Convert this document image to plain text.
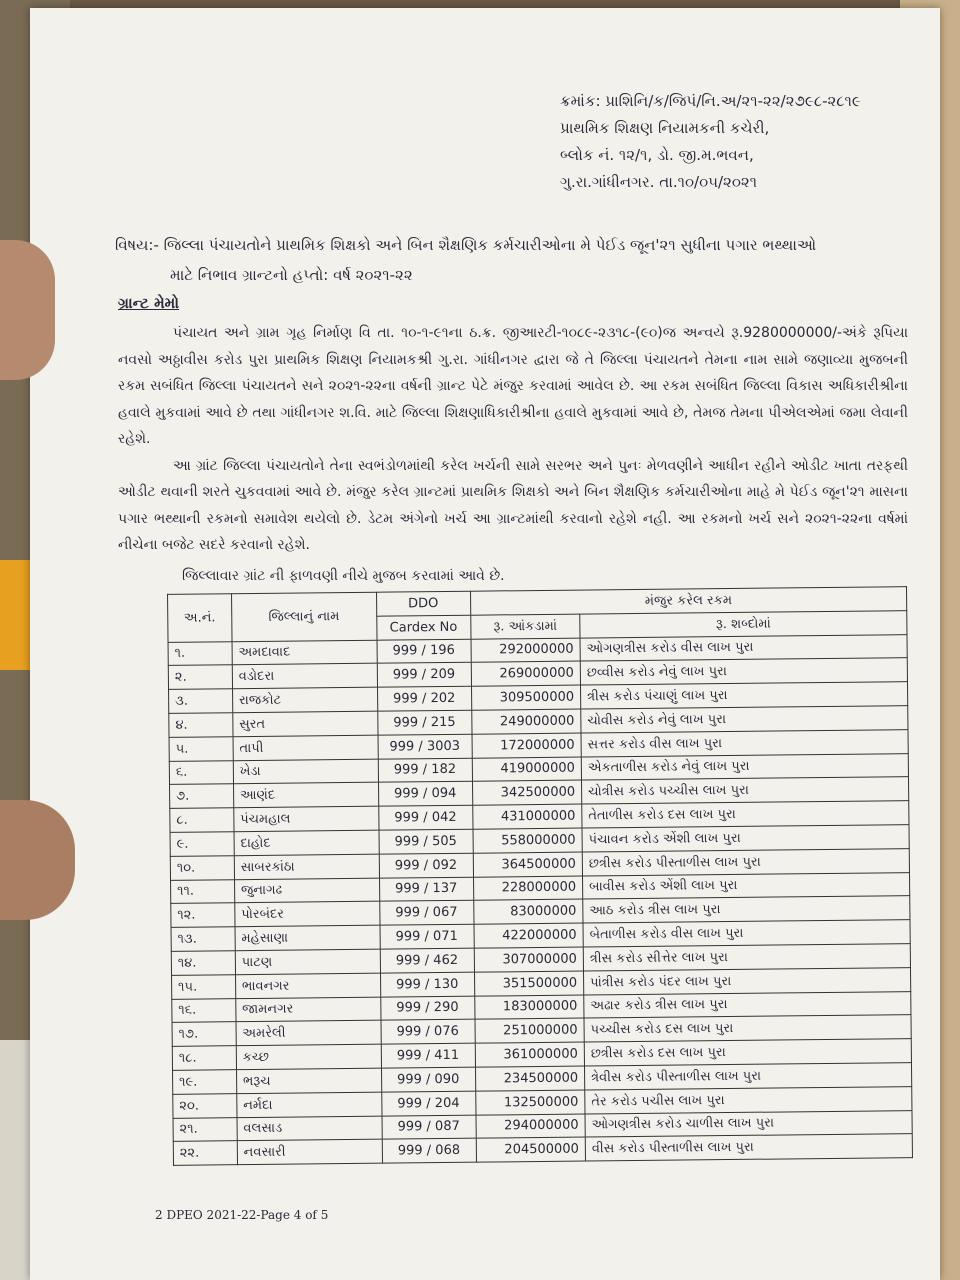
ક્રમાંક: પ્રાશિનિ/ક/જિપં/નિ.અ/૨૧-૨૨/૨૭૯૮-૨૮૧૯
પ્રાથમિક શિક્ષણ નિયામકની કચેરી,
બ્લોક નં. ૧૨/૧, ડો. જી.મ.ભવન,
ગુ.રા.ગાંધીનગર. તા.૧૦/૦૫/૨૦૨૧
વિષય:- જિલ્લા પંચાયતોને પ્રાથમિક શિક્ષકો અને બિન શૈક્ષણિક કર્મચારીઓના મે પેઈડ જૂન'૨૧ સુધીના પગાર ભથ્થાઓ
માટે નિભાવ ગ્રાન્ટનો હપ્તો: વર્ષ ૨૦૨૧-૨૨
ગ્રાન્ટ મેમો

પંચાયત અને ગ્રામ ગૃહ નિર્માણ વિ તા. ૧૦-૧-૯૧ના ઠ.ક્ર. જીઆરટી-૧૦૮૯-૨૩૧૮-(૯૦)જ અન્વયે રૂ.9280000000/-અંકે રૂપિયા નવસો અઠ્ઠાવીસ કરોડ પુરા પ્રાથમિક શિક્ષણ નિયામકશ્રી ગુ.રા. ગાંધીનગર દ્વારા જે તે જિલ્લા પંચાયતને તેમના નામ સામે જણાવ્યા મુજબની રકમ સબંધિત જિલ્લા પંચાયતને સને ૨૦૨૧-૨૨ના વર્ષની ગ્રાન્ટ પેટે મંજુર કરવામાં આવેલ છે. આ રકમ સબંધિત જિલ્લા વિકાસ અધિકારીશ્રીના હવાલે મુકવામાં આવે છે તથા ગાંધીનગર શ.વિ. માટે જિલ્લા શિક્ષણાધિકારીશ્રીના હવાલે મુકવામાં આવે છે, તેમજ તેમના પીએલએમાં જમા લેવાની રહેશે.

આ ગ્રાંટ જિલ્લા પંચાયતોને તેના સ્વભંડોળમાંથી કરેલ ખર્ચની સામે સરભર અને પુનઃ મેળવણીને આધીન રહીને ઓડીટ ખાતા તરફથી ઓડીટ થવાની શરતે ચુકવવામાં આવે છે. મંજુર કરેલ ગ્રાન્ટમાં પ્રાથમિક શિક્ષકો અને બિન શૈક્ષણિક કર્મચારીઓના માહે મે પેઈડ જૂન'૨૧ માસના પગાર ભથ્થાની રકમનો સમાવેશ થયેલો છે. ડેટમ અંગેનો ખર્ચ આ ગ્રાન્ટમાંથી કરવાનો રહેશે નહી. આ રકમનો ખર્ચ સને ૨૦૨૧-૨૨ના વર્ષમાં નીચેના બજેટ સદરે કરવાનો રહેશે.

જિલ્લાવાર ગ્રાંટ ની ફાળવણી નીચે મુજબ કરવામાં આવે છે.
અ.નં.	જિલ્લાનું નામ	DDO	મંજુર કરેલ રકમ	
		Cardex No	રૂ. આંકડામાં	રૂ. શબ્દોમાં
૧.	અમદાવાદ	999 / 196	292000000	ઓગણત્રીસ કરોડ વીસ લાખ પુરા
૨.	વડોદરા	999 / 209	269000000	છવ્વીસ કરોડ નેવું લાખ પુરા
૩.	રાજકોટ	999 / 202	309500000	ત્રીસ કરોડ પંચાણું લાખ પુરા
૪.	સુરત	999 / 215	249000000	ચોવીસ કરોડ નેવું લાખ પુરા
૫.	તાપી	999 / 3003	172000000	સત્તર કરોડ વીસ લાખ પુરા
૬.	ખેડા	999 / 182	419000000	એકતાળીસ કરોડ નેવું લાખ પુરા
૭.	આણંદ	999 / 094	342500000	ચોત્રીસ કરોડ પચ્ચીસ લાખ પુરા
૮.	પંચમહાલ	999 / 042	431000000	તેતાળીસ કરોડ દસ લાખ પુરા
૯.	દાહોદ	999 / 505	558000000	પંચાવન કરોડ એંશી લાખ પુરા
૧૦.	સાબરકાંઠા	999 / 092	364500000	છત્રીસ કરોડ પીસ્તાળીસ લાખ પુરા
૧૧.	જુનાગઢ	999 / 137	228000000	બાવીસ કરોડ એંશી લાખ પુરા
૧૨.	પોરબંદર	999 / 067	83000000	આઠ કરોડ ત્રીસ લાખ પુરા
૧૩.	મહેસાણા	999 / 071	422000000	બેતાળીસ કરોડ વીસ લાખ પુરા
૧૪.	પાટણ	999 / 462	307000000	ત્રીસ કરોડ સીત્તેર લાખ પુરા
૧૫.	ભાવનગર	999 / 130	351500000	પાંત્રીસ કરોડ પંદર લાખ પુરા
૧૬.	જામનગર	999 / 290	183000000	અઢાર કરોડ ત્રીસ લાખ પુરા
૧૭.	અમરેલી	999 / 076	251000000	પચ્ચીસ કરોડ દસ લાખ પુરા
૧૮.	કચ્છ	999 / 411	361000000	છત્રીસ કરોડ દસ લાખ પુરા
૧૯.	ભરૂચ	999 / 090	234500000	ત્રેવીસ કરોડ પીસ્તાળીસ લાખ પુરા
૨૦.	નર્મદા	999 / 204	132500000	તેર કરોડ પચીસ લાખ પુરા
૨૧.	વલસાડ	999 / 087	294000000	ઓગણત્રીસ કરોડ ચાળીસ લાખ પુરા
૨૨.	નવસારી	999 / 068	204500000	વીસ કરોડ પીસ્તાળીસ લાખ પુરા
2 DPEO 2021-22-Page 4 of 5
